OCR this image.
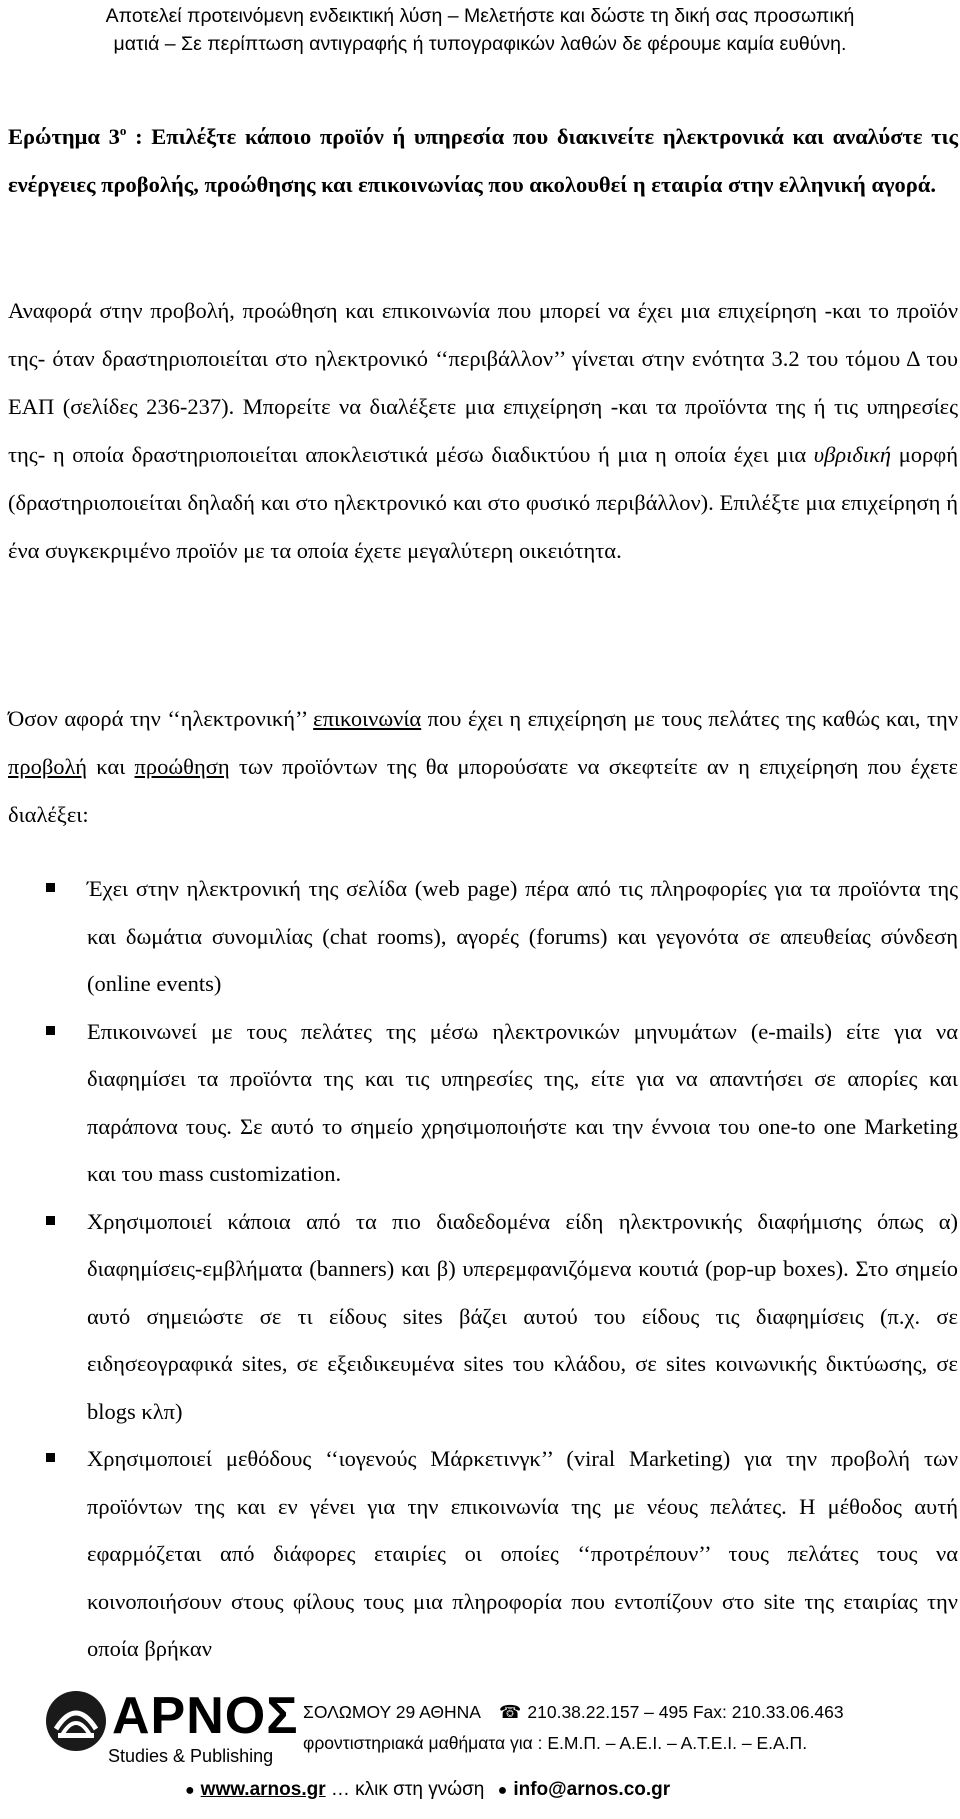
Αποτελεί προτεινόμενη ενδεικτική λύση – Μελετήστε και δώστε τη δική σας προσωπική
ματιά – Σε περίπτωση αντιγραφής ή τυπογραφικών λαθών δε φέρουμε καμία ευθύνη.
Ερώτημα $3^o$ : Επιλέξτε κάποιο προϊόν ή υπηρεσία που διακινείτε ηλεκτρονικά και αναλύστε τις ενέργειες προβολής, προώθησης και επικοινωνίας που ακολουθεί η εταιρία στην ελληνική αγορά.
Αναφορά στην προβολή, προώθηση και επικοινωνία που μπορεί να έχει μια επιχείρηση -και το προϊόν της- όταν δραστηριοποιείται στο ηλεκτρονικό ‘‘περιβάλλον’’ γίνεται στην ενότητα 3.2 του τόμου Δ του ΕΑΠ (σελίδες 236-237). Μπορείτε να διαλέξετε μια επιχείρηση -και τα προϊόντα της ή τις υπηρεσίες της- η οποία δραστηριοποιείται αποκλειστικά μέσω διαδικτύου ή μια η οποία έχει μια υβριδική μορφή (δραστηριοποιείται δηλαδή και στο ηλεκτρονικό και στο φυσικό περιβάλλον). Επιλέξτε μια επιχείρηση ή ένα συγκεκριμένο προϊόν με τα οποία έχετε μεγαλύτερη οικειότητα.
Όσον αφορά την ‘‘ηλεκτρονική’’ επικοινωνία που έχει η επιχείρηση με τους πελάτες της καθώς και, την προβολή και προώθηση των προϊόντων της θα μπορούσατε να σκεφτείτε αν η επιχείρηση που έχετε διαλέξει:
Έχει στην ηλεκτρονική της σελίδα (web page) πέρα από τις πληροφορίες για τα προϊόντα της και δωμάτια συνομιλίας (chat rooms), αγορές (forums) και γεγονότα σε απευθείας σύνδεση (online events)
Επικοινωνεί με τους πελάτες της μέσω ηλεκτρονικών μηνυμάτων (e-mails) είτε για να διαφημίσει τα προϊόντα της και τις υπηρεσίες της, είτε για να απαντήσει σε απορίες και παράπονα τους. Σε αυτό το σημείο χρησιμοποιήστε και την έννοια του one-to one Marketing και του mass customization.
Χρησιμοποιεί κάποια από τα πιο διαδεδομένα είδη ηλεκτρονικής διαφήμισης όπως α) διαφημίσεις-εμβλήματα (banners) και β) υπερεμφανιζόμενα κουτιά (pop-up boxes). Στο σημείο αυτό σημειώστε σε τι είδους sites βάζει αυτού του είδους τις διαφημίσεις (π.χ. σε ειδησεογραφικά sites, σε εξειδικευμένα sites του κλάδου, σε sites κοινωνικής δικτύωσης, σε blogs κλπ)
Χρησιμοποιεί μεθόδους ‘‘ιογενούς Μάρκετινγκ’’ (viral Marketing) για την προβολή των προϊόντων της και εν γένει για την επικοινωνία της με νέους πελάτες. Η μέθοδος αυτή εφαρμόζεται από διάφορες εταιρίες οι οποίες ‘‘προτρέπουν’’ τους πελάτες τους να κοινοποιήσουν στους φίλους τους μια πληροφορία που εντοπίζουν στο site της εταιρίας την οποία βρήκαν
ΑΡΝΟΣ
Studies & Publishing
ΣΟΛΩΜΟΥ 29 ΑΘΗΝΑ ☎ 210.38.22.157 – 495 Fax: 210.33.06.463
φροντιστηριακά μαθήματα για : Ε.Μ.Π. – Α.Ε.Ι. – Α.Τ.Ε.Ι. – Ε.Α.Π.
● www.arnos.gr … κλικ στη γνώση ● info@arnos.co.gr
